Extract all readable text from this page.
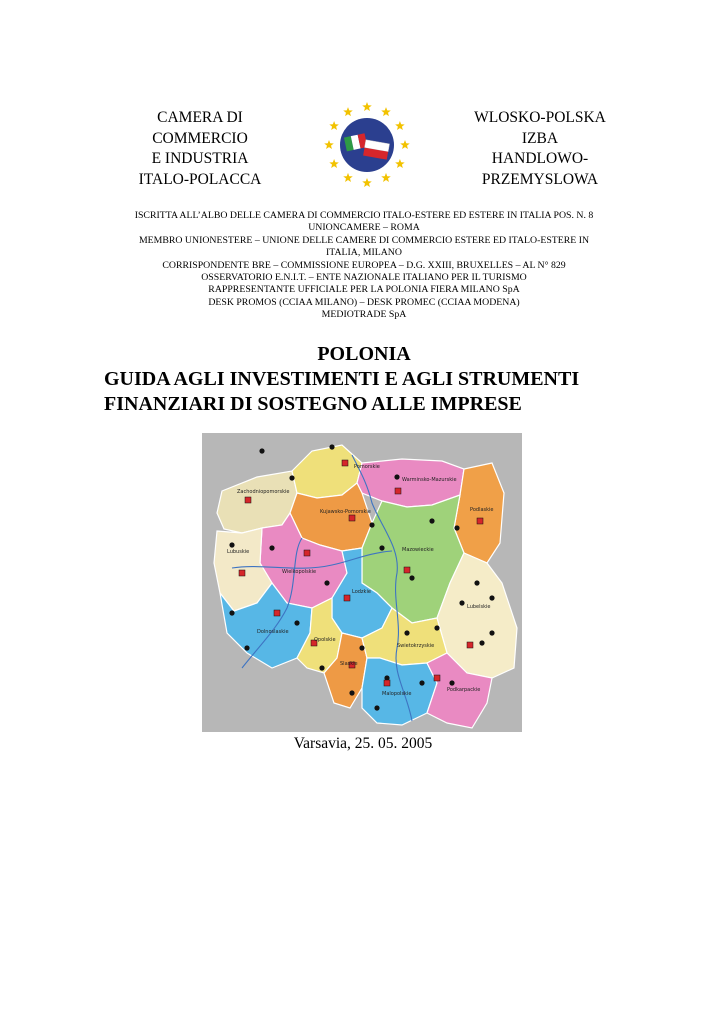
CAMERA DI
COMMERCIO
E INDUSTRIA
ITALO-POLACCA
WLOSKO-POLSKA
IZBA
HANDLOWO-
PRZEMYSLOWA
ISCRITTA ALL’ALBO DELLE CAMERA DI COMMERCIO ITALO-ESTERE ED ESTERE IN ITALIA POS. N. 8
UNIONCAMERE – ROMA
MEMBRO UNIONESTERE – UNIONE DELLE CAMERE DI COMMERCIO ESTERE ED ITALO-ESTERE IN
ITALIA, MILANO
CORRISPONDENTE BRE – COMMISSIONE EUROPEA – D.G. XXIII, BRUXELLES – AL N° 829
OSSERVATORIO E.N.I.T. – ENTE NAZIONALE ITALIANO PER IL TURISMO
RAPPRESENTANTE UFFICIALE PER LA POLONIA FIERA MILANO SpA
DESK PROMOS (CCIAA MILANO) – DESK PROMEC (CCIAA MODENA)
MEDIOTRADE SpA
POLONIA
GUIDA AGLI INVESTIMENTI E AGLI STRUMENTI
FINANZIARI DI SOSTEGNO ALLE IMPRESE
Pomorskie
Zachodniopomorskie
Warminsko-Mazurskie
Podlaskie
Kujawsko-Pomorskie
Mazowieckie
Wielkopolskie
Lubuskie
Lodzkie
Lubelskie
Dolnoslaskie
Opolskie
Slaskie
Swietokrzyskie
Malopolskie
Podkarpackie
Varsavia, 25. 05. 2005
